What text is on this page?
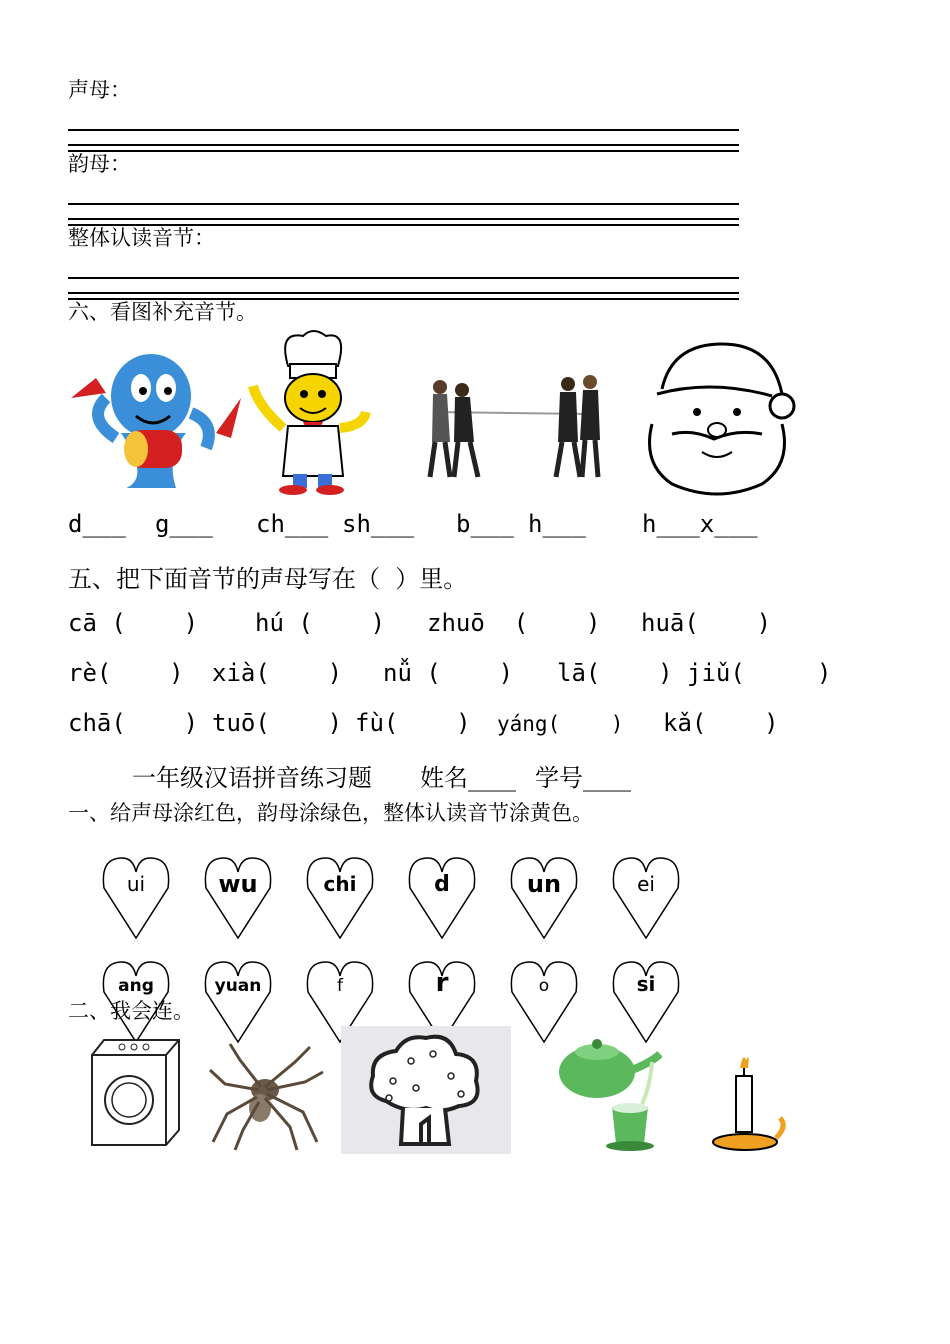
声母：
韵母：
整体认读音节：
六、看图补充音节。
d___ g___ ch___ sh___ b___ h___ h___x___
五、把下面音节的声母写在（  ）里。
cā (    ) hú (    ) zhuō  (    ) huā(    )
rè(    ) xià(    ) nǚ (    ) lā(    ) jiǔ(     )
chā(    ) tuō(    ) fù(    ) yáng(    ) kǎ(    )
一年级汉语拼音练习题 姓名____ 学号____
一、给声母涂红色，韵母涂绿色，整体认读音节涂黄色。
ui	wu	chi	d	un	ei
ang	yuan	f	r	o	si
二、我会连。
